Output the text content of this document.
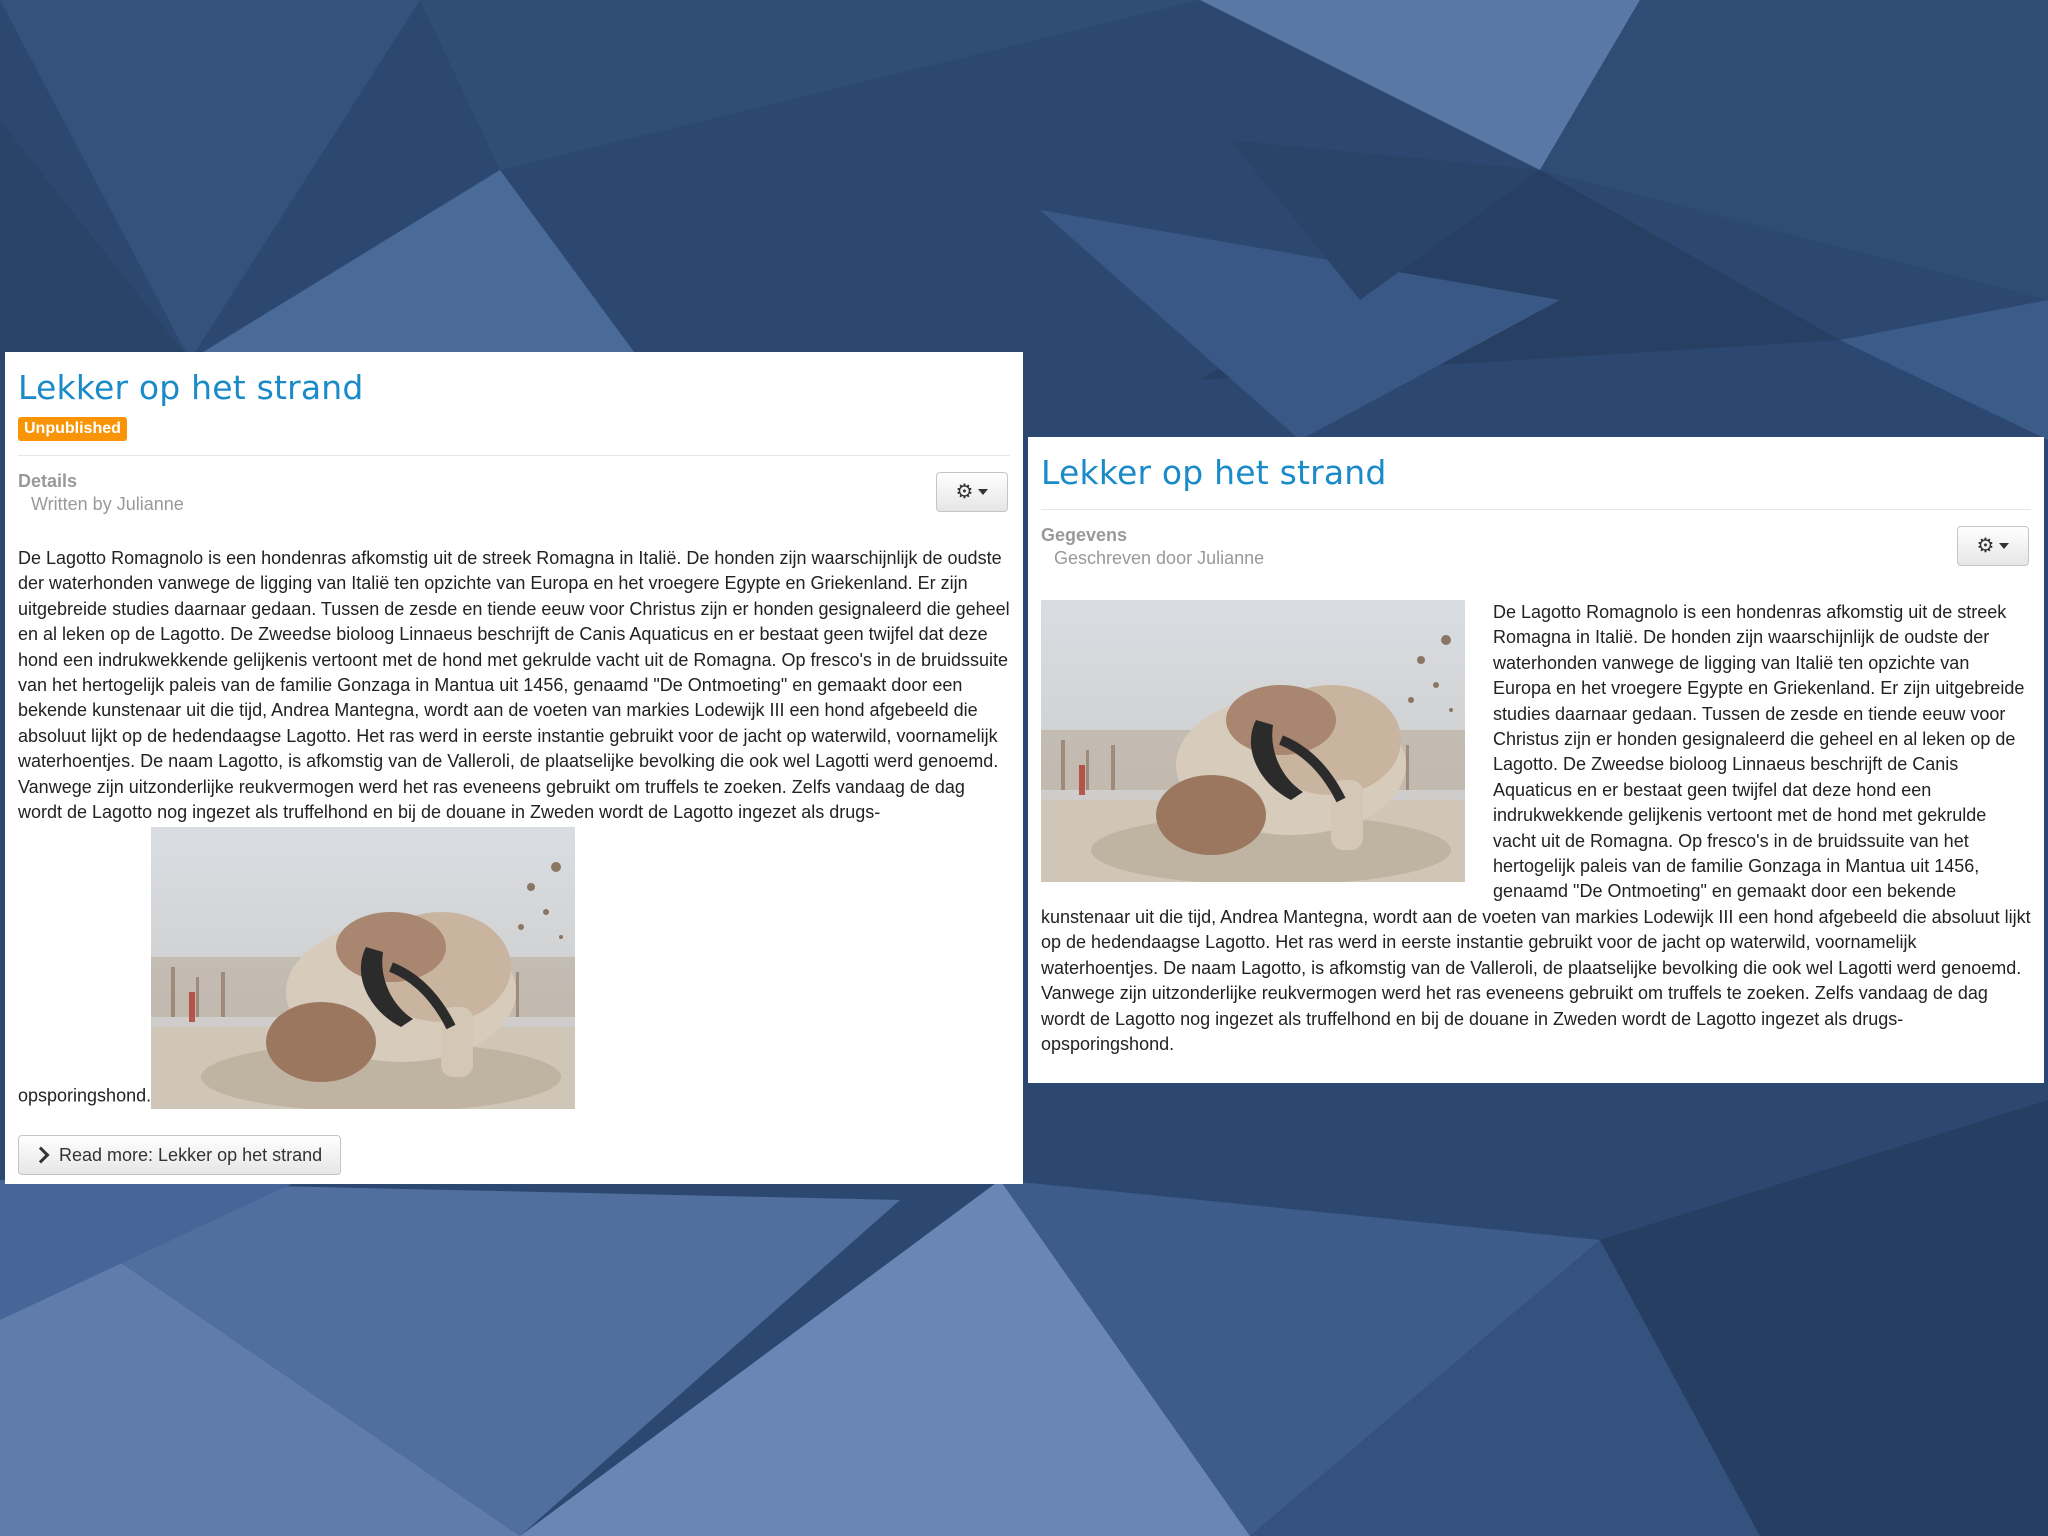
Lekker op het strand
Unpublished
Details
Written by Julianne
⚙
De Lagotto Romagnolo is een hondenras afkomstig uit de streek Romagna in Italië. De honden zijn waarschijnlijk de oudste der waterhonden vanwege de ligging van Italië ten opzichte van Europa en het vroegere Egypte en Griekenland. Er zijn uitgebreide studies daarnaar gedaan. Tussen de zesde en tiende eeuw voor Christus zijn er honden gesignaleerd die geheel en al leken op de Lagotto. De Zweedse bioloog Linnaeus beschrijft de Canis Aquaticus en er bestaat geen twijfel dat deze hond een indrukwekkende gelijkenis vertoont met de hond met gekrulde vacht uit de Romagna. Op fresco's in de bruidssuite van het hertogelijk paleis van de familie Gonzaga in Mantua uit 1456, genaamd "De Ontmoeting" en gemaakt door een bekende kunstenaar uit die tijd, Andrea Mantegna, wordt aan de voeten van markies Lodewijk III een hond afgebeeld die absoluut lijkt op de hedendaagse Lagotto. Het ras werd in eerste instantie gebruikt voor de jacht op waterwild, voornamelijk waterhoentjes. De naam Lagotto, is afkomstig van de Valleroli, de plaatselijke bevolking die ook wel Lagotti werd genoemd. Vanwege zijn uitzonderlijke reukvermogen werd het ras eveneens gebruikt om truffels te zoeken. Zelfs vandaag de dag wordt de Lagotto nog ingezet als truffelhond en bij de douane in Zweden wordt de Lagotto ingezet als drugs-opsporingshond.
Read more: Lekker op het strand
Lekker op het strand
Gegevens
Geschreven door Julianne
⚙
De Lagotto Romagnolo is een hondenras afkomstig uit de streek Romagna in Italië. De honden zijn waarschijnlijk de oudste der waterhonden vanwege de ligging van Italië ten opzichte van Europa en het vroegere Egypte en Griekenland. Er zijn uitgebreide studies daarnaar gedaan. Tussen de zesde en tiende eeuw voor Christus zijn er honden gesignaleerd die geheel en al leken op de Lagotto. De Zweedse bioloog Linnaeus beschrijft de Canis Aquaticus en er bestaat geen twijfel dat deze hond een indrukwekkende gelijkenis vertoont met de hond met gekrulde vacht uit de Romagna. Op fresco's in de bruidssuite van het hertogelijk paleis van de familie Gonzaga in Mantua uit 1456, genaamd "De Ontmoeting" en gemaakt door een bekende kunstenaar uit die tijd, Andrea Mantegna, wordt aan de voeten van markies Lodewijk III een hond afgebeeld die absoluut lijkt op de hedendaagse Lagotto. Het ras werd in eerste instantie gebruikt voor de jacht op waterwild, voornamelijk waterhoentjes. De naam Lagotto, is afkomstig van de Valleroli, de plaatselijke bevolking die ook wel Lagotti werd genoemd. Vanwege zijn uitzonderlijke reukvermogen werd het ras eveneens gebruikt om truffels te zoeken. Zelfs vandaag de dag wordt de Lagotto nog ingezet als truffelhond en bij de douane in Zweden wordt de Lagotto ingezet als drugs-opsporingshond.
